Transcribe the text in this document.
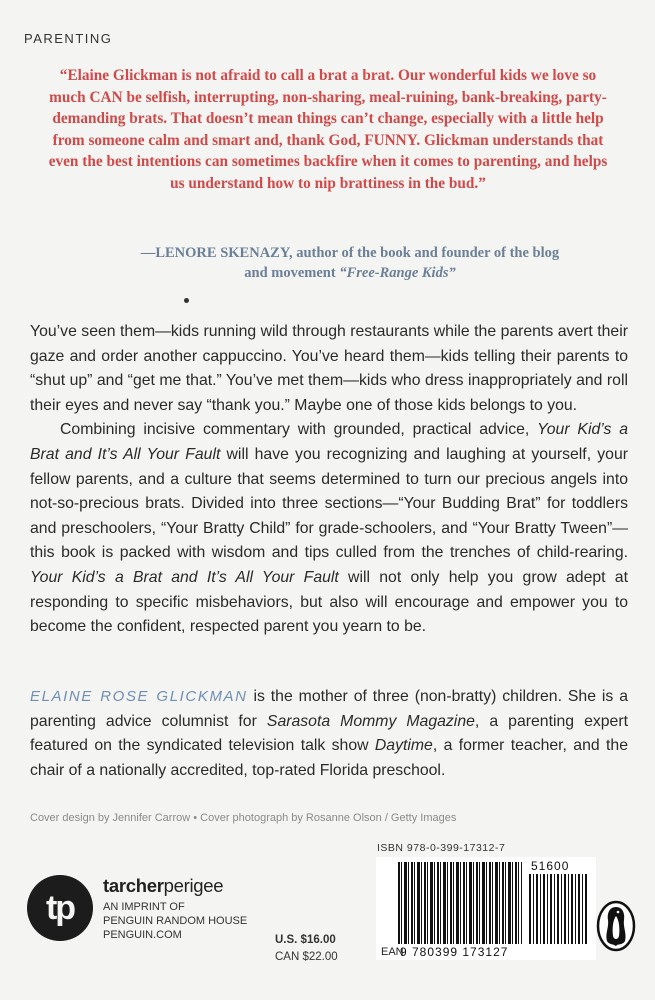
PARENTING
“Elaine Glickman is not afraid to call a brat a brat. Our wonderful kids we love so much CAN be selfish, interrupting, non-sharing, meal-ruining, bank-breaking, party-demanding brats. That doesn’t mean things can’t change, especially with a little help from someone calm and smart and, thank God, FUNNY. Glickman understands that even the best intentions can sometimes backfire when it comes to parenting, and helps us understand how to nip brattiness in the bud.”
—LENORE SKENAZY, author of the book and founder of the blog and movement “Free-Range Kids”

You’ve seen them—kids running wild through restaurants while the parents avert their gaze and order another cappuccino. You’ve heard them—kids telling their parents to “shut up” and “get me that.” You’ve met them—kids who dress inappropriately and roll their eyes and never say “thank you.” Maybe one of those kids belongs to you.

Combining incisive commentary with grounded, practical advice, Your Kid’s a Brat and It’s All Your Fault will have you recognizing and laughing at yourself, your fellow parents, and a culture that seems determined to turn our precious angels into not-so-precious brats. Divided into three sections—“Your Budding Brat” for toddlers and preschoolers, “Your Bratty Child” for grade-schoolers, and “Your Bratty Tween”—this book is packed with wisdom and tips culled from the trenches of child-rearing. Your Kid’s a Brat and It’s All Your Fault will not only help you grow adept at responding to specific misbehaviors, but also will encourage and empower you to become the confident, respected parent you yearn to be.

ELAINE ROSE GLICKMAN is the mother of three (non-bratty) children. She is a parenting advice columnist for Sarasota Mommy Magazine, a parenting expert featured on the syndicated television talk show Daytime, a former teacher, and the chair of a nationally accredited, top-rated Florida preschool.
Cover design by Jennifer Carrow • Cover photograph by Rosanne Olson / Getty Images
tp
tarcherperigee
AN IMPRINT OF
PENGUIN RANDOM HOUSE
PENGUIN.COM	U.S. $16.00
CAN $22.00
ISBN 978-0-399-17312-7
51600
EAN
9 780399 173127
